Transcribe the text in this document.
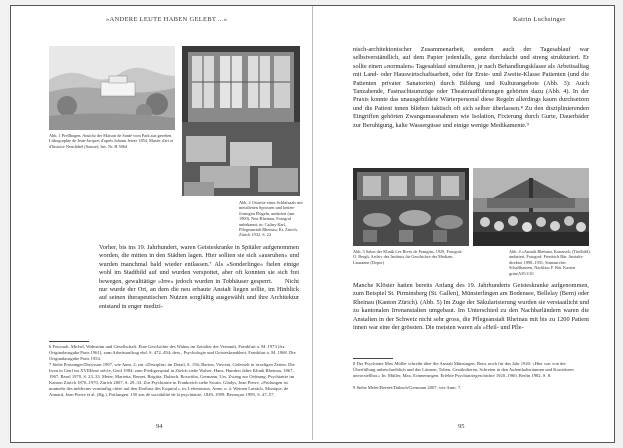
»ANDERE LEUTE HABEN GELEBT ...«

Abb. 1 Prellbogen, Ansicht der Maison de Santé vom Park aus gesehen. Lithographie de Jean-Jacques d'après Johann Jetzer 1854, Musée d'art et d'histoire Neuchâtel (Suisse), Inv. Nr. H 5064

Abb. 2 Ostseite eines Schlafsaals mit metallenen Sprossen und ketten-förmigen Flügeln, undatiert (um 1900). Neu-Rheinau, Fotograf unbekannt, in: Cafiny Karl, Pflegeanstalt Rheinau, Kt. Zürich, Zürich 1932, S. 22

Vorher, bis ins 19. Jahrhundert, waren Geisteskranke in Spitäler aufgenommen worden, die mitten in den Städten lagen. Hier sollten sie sich »ausruhen« und wurden manchmal bald wieder entlassen.⁷ Als »Sonderlinge« fielen einige wohl im Stadtbild auf und wurden verspottet, aber oft konnten sie sich frei bewegen, gewalttätige »Irre« jedoch wurden in Tobhäuser gesperrt.  Nicht nur wurde der Ort, an dem die neu erbaute Anstalt liegen sollte, im Hinblick auf seinen therapeutischen Nutzen sorgfältig ausgewählt und ihre Architektur entstand in enger medizi-

6 Foucault, Michel, Wahnsinn und Gesellschaft. Eine Geschichte des Wahns im Zeitalter der Vernunft, Frankfurt a. M. 1973 (frz. Originalausgabe Paris 1961), zum Arbeitsauftrag ebd. S. 472–494; ders., Psychologie und Geisteskrankheit, Frankfurt a. M. 1968. Die Originalausgabe Paris 1954.

7 Siehe Prassinger/Dreysson 1997, wie Anm. 2; zur »Disziplin« im Detail, S. 156; Barton, Vincent, Gefesselt in irrseligen Zeiten: Die Irren in Genf im XVIIIème siècle, Genf 1984; zum Predigerspital in Zürich siehe Walser, Hans, Hundert Jahre Klinik Rheinau, 1867–1967, Basel 1970, S. 23–33. Meier, Marietta, Bernet, Brigitta, Dubach, Roswitha, Germann, Urs, Zwang zur Ordnung. Psychiatrie im Kanton Zürich 1870–1970, Zürich 2007, S. 29–33. Zur Psychiatrie in Frankreich siehe Swain, Gladys, Jean Pierre, »Prüfungen ist nunmehr des médecins vernünftig chère auf den Einfluss des Esquirol«, in: Leitenreaux, Anne, u. ä. Weinen Larsäch, Monique, de Aimard, Jean Pierre et al. (Hg.), Prüfungen. 150 ans de sociabilité de la psychiatrie, 1849–1999, Besançon 1999, S. 47–57.

94
Katrin Luchsinger

nisch-architektonischer Zusammenarbeit, sondern auch der Tagesablauf war selbstverständlich, auf dem Papier jedenfalls, ganz durchdacht und streng strukturiert. Er sollte einen »normalen« Tagesablauf simulieren, je nach Behandlungsklasse als Arbeitsalltag mit Land- oder Hauswirtschaftsarbeit, oder für Erste- und Zweite-Klasse Patienten (und die Patienten privater Sanatorien) durch Bildung und Kulturangebote (Abb. 3): Auch Tanzabende, Fastnachtsumzüge oder Theateraufführungen gehörten dazu (Abb. 4). In der Praxis konnte das unausgebildete Wärterpersonal diese Regeln allerdings kaum durchsetzen und die Patient innen blieben faktisch oft sich selber überlassen.⁸ Zu den disziplinierenden Eingriffen gehörten Zwangsmassnahmen wie Isolation, Fixierung durch Gurte, Dauerbäder zur Beruhigung, kalte Wassergüsse und einige wenige Medikamente.⁹

Abb. 3 Salon der Klinik Les Rives de Prangins, 1929, Fotograf: O. Bergh, Archiv des Instituts für Geschichte der Medizin, Lausanne (Depot)

Abb. 4 »Anstalt Rheinau, Karussel« (Titelbild), undatiert, Fotograf: Friedrich Bär. Anstalts-direktor 1898–1931, Staatsarchiv Schaffhausen, Nachlass F. Bär, Kasten grün/A39,f/10

Manche Klöster hatten bereits Anfang des 19. Jahrhunderts Geisteskranke aufgenommen, zum Beispiel St. Pirminsberg (St. Gallen), Münsterlingen am Bodensee, Bellelay (Bern) oder Rheinau (Kanton Zürich). (Abb. 5) Im Zuge der Säkularisierung wurden sie verstaatlicht und zu kantonalen Irrenanstalten umgebaut. Im Unterschied zu den Nachbarländern waren die Anstalten in der Schweiz nicht sehr gross, die Pflegeanstalt Rheinau mit bis zu 1200 Patient innen war eine der grössten. Die meisten waren als »Heil- und Pfle-

8 Der Psychiater Max Müller schreibt über die Anstalt Münsingen, Bern, noch für das Jahr 1920: »Hier war von der Überfüllung unbeschreiblich und das Lärmen, Toben, Gestikulieren, Schreien in den Aufenthaltsräumen und Korridoren unvorstellbar.« In: Müller, Max, Erinnerungen. Erlebte Psychiatriegeschichte 1920–1960, Berlin 1982, S. 8.

9 Siehe Meier/Bernet/Dubach/Germann 2007, wie Anm. 7.

95
